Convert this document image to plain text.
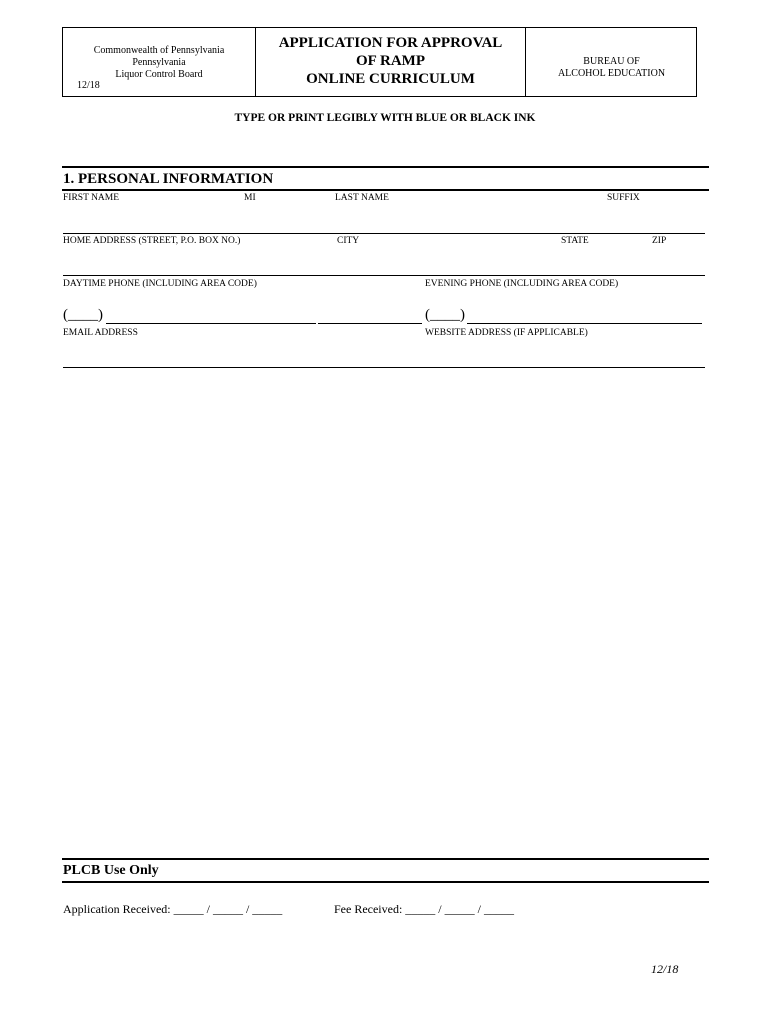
Commonwealth of Pennsylvania
Pennsylvania
Liquor Control Board
12/18
APPLICATION FOR APPROVAL
OF RAMP
ONLINE CURRICULUM
BUREAU OF
ALCOHOL EDUCATION
TYPE OR PRINT LEGIBLY WITH BLUE OR BLACK INK
1. PERSONAL INFORMATION
FIRST NAME	MI	LAST NAME	SUFFIX
HOME ADDRESS (STREET, P.O. BOX NO.)	CITY	STATE	ZIP
DAYTIME PHONE (INCLUDING AREA CODE)	EVENING PHONE (INCLUDING AREA CODE)
(____)	(____)
EMAIL ADDRESS	WEBSITE ADDRESS (IF APPLICABLE)
PLCB Use Only
Application Received: _____ / _____ / _____	Fee Received: _____ / _____ / _____
12/18
